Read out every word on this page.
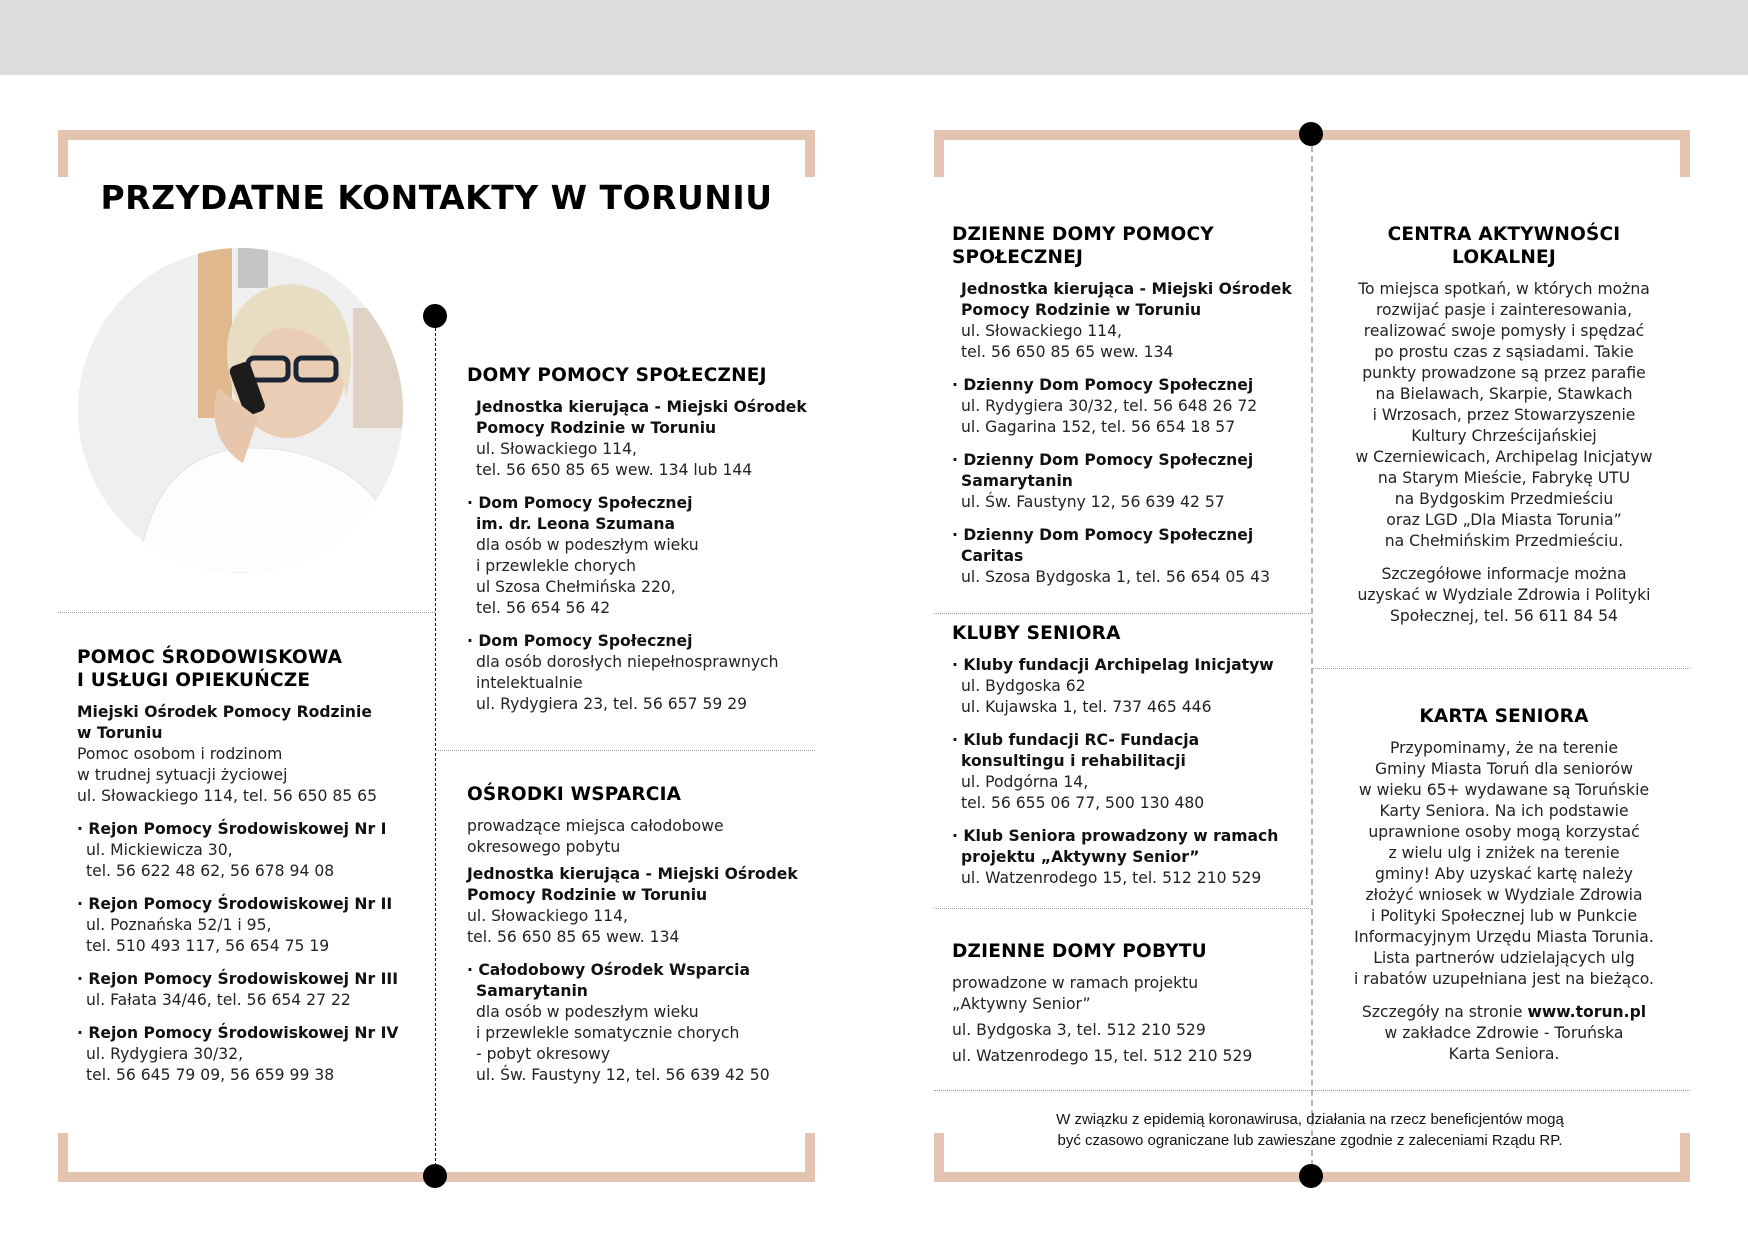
PRZYDATNE KONTAKTY W TORUNIU
POMOC ŚRODOWISKOWA
I USŁUGI OPIEKUŃCZE

Miejski Ośrodek Pomocy Rodzinie
w Toruniu
Pomoc osobom i rodzinom
w trudnej sytuacji życiowej
ul. Słowackiego 114, tel. 56 650 85 65

· Rejon Pomocy Środowiskowej Nr I
ul. Mickiewicza 30,
tel. 56 622 48 62, 56 678 94 08

· Rejon Pomocy Środowiskowej Nr II
ul. Poznańska 52/1 i 95,
tel. 510 493 117, 56 654 75 19

· Rejon Pomocy Środowiskowej Nr III
ul. Fałata 34/46, tel. 56 654 27 22

· Rejon Pomocy Środowiskowej Nr IV
ul. Rydygiera 30/32,
tel. 56 645 79 09, 56 659 99 38

DOMY POMOCY SPOŁECZNEJ

Jednostka kierująca - Miejski Ośrodek
Pomocy Rodzinie w Toruniu
ul. Słowackiego 114,
tel. 56 650 85 65 wew. 134 lub 144

· Dom Pomocy Społecznej
im. dr. Leona Szumana
dla osób w podeszłym wieku
i przewlekle chorych
ul Szosa Chełmińska 220,
tel. 56 654 56 42

· Dom Pomocy Społecznej
dla osób dorosłych niepełnosprawnych
intelektualnie
ul. Rydygiera 23, tel. 56 657 59 29

OŚRODKI WSPARCIA

prowadzące miejsca całodobowe
okresowego pobytu

Jednostka kierująca - Miejski Ośrodek
Pomocy Rodzinie w Toruniu
ul. Słowackiego 114,
tel. 56 650 85 65 wew. 134

· Całodobowy Ośrodek Wsparcia
Samarytanin
dla osób w podeszłym wieku
i przewlekle somatycznie chorych
- pobyt okresowy
ul. Św. Faustyny 12, tel. 56 639 42 50

DZIENNE DOMY POMOCY
SPOŁECZNEJ

Jednostka kierująca - Miejski Ośrodek
Pomocy Rodzinie w Toruniu
ul. Słowackiego 114,
tel. 56 650 85 65 wew. 134

· Dzienny Dom Pomocy Społecznej
ul. Rydygiera 30/32, tel. 56 648 26 72
ul. Gagarina 152, tel. 56 654 18 57

· Dzienny Dom Pomocy Społecznej
Samarytanin
ul. Św. Faustyny 12, 56 639 42 57

· Dzienny Dom Pomocy Społecznej
Caritas
ul. Szosa Bydgoska 1, tel. 56 654 05 43

KLUBY SENIORA

· Kluby fundacji Archipelag Inicjatyw
ul. Bydgoska 62
ul. Kujawska 1, tel. 737 465 446

· Klub fundacji RC- Fundacja
konsultingu i rehabilitacji
ul. Podgórna 14,
tel. 56 655 06 77, 500 130 480

· Klub Seniora prowadzony w ramach
projektu „Aktywny Senior”
ul. Watzenrodego 15, tel. 512 210 529

DZIENNE DOMY POBYTU

prowadzone w ramach projektu
„Aktywny Senior”

ul. Bydgoska 3, tel. 512 210 529

ul. Watzenrodego 15, tel. 512 210 529

CENTRA AKTYWNOŚCI
LOKALNEJ

To miejsca spotkań, w których można
rozwijać pasje i zainteresowania,
realizować swoje pomysły i spędzać
po prostu czas z sąsiadami. Takie
punkty prowadzone są przez parafie
na Bielawach, Skarpie, Stawkach
i Wrzosach, przez Stowarzyszenie
Kultury Chrześcijańskiej
w Czerniewicach, Archipelag Inicjatyw
na Starym Mieście, Fabrykę UTU
na Bydgoskim Przedmieściu
oraz LGD „Dla Miasta Torunia”
na Chełmińskim Przedmieściu.

Szczegółowe informacje można
uzyskać w Wydziale Zdrowia i Polityki
Społecznej, tel. 56 611 84 54

KARTA SENIORA

Przypominamy, że na terenie
Gminy Miasta Toruń dla seniorów
w wieku 65+ wydawane są Toruńskie
Karty Seniora. Na ich podstawie
uprawnione osoby mogą korzystać
z wielu ulg i zniżek na terenie
gminy! Aby uzyskać kartę należy
złożyć wniosek w Wydziale Zdrowia
i Polityki Społecznej lub w Punkcie
Informacyjnym Urzędu Miasta Torunia.
Lista partnerów udzielających ulg
i rabatów uzupełniana jest na bieżąco.

Szczegóły na stronie www.torun.pl
w zakładce Zdrowie - Toruńska
Karta Seniora.

W związku z epidemią koronawirusa, działania na rzecz beneficjentów mogą
być czasowo ograniczane lub zawieszane zgodnie z zaleceniami Rządu RP.
